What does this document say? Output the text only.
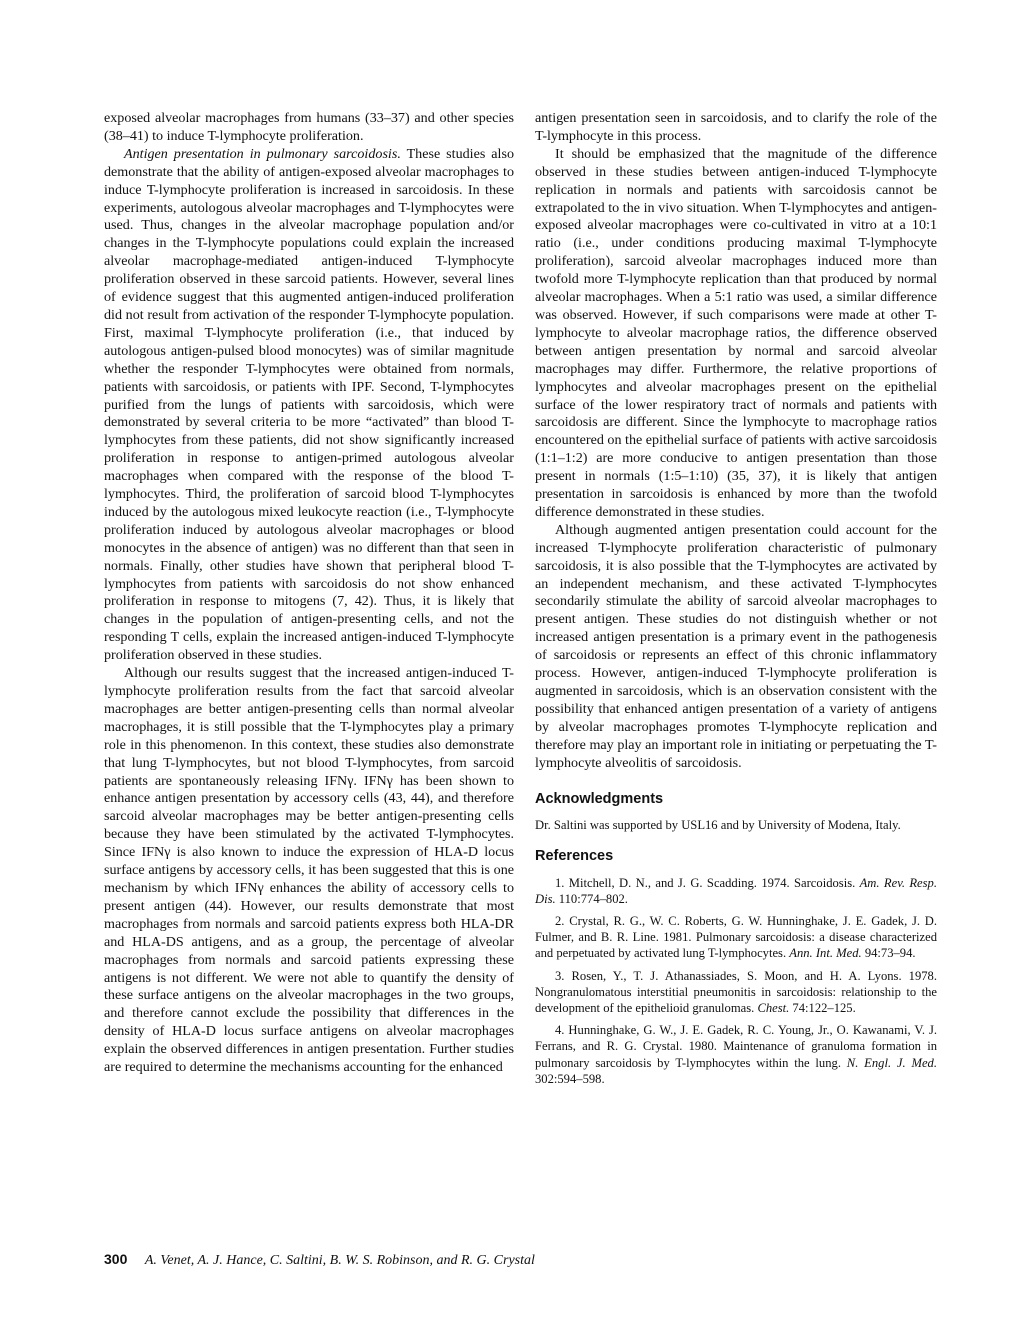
exposed alveolar macrophages from humans (33–37) and other species (38–41) to induce T-lymphocyte proliferation.

Antigen presentation in pulmonary sarcoidosis. These studies also demonstrate that the ability of antigen-exposed alveolar macrophages to induce T-lymphocyte proliferation is increased in sarcoidosis. In these experiments, autologous alveolar macrophages and T-lymphocytes were used. Thus, changes in the alveolar macrophage population and/or changes in the T-lymphocyte populations could explain the increased alveolar macrophage-mediated antigen-induced T-lymphocyte proliferation observed in these sarcoid patients. However, several lines of evidence suggest that this augmented antigen-induced proliferation did not result from activation of the responder T-lymphocyte population. First, maximal T-lymphocyte proliferation (i.e., that induced by autologous antigen-pulsed blood monocytes) was of similar magnitude whether the responder T-lymphocytes were obtained from normals, patients with sarcoidosis, or patients with IPF. Second, T-lymphocytes purified from the lungs of patients with sarcoidosis, which were demonstrated by several criteria to be more “activated” than blood T-lymphocytes from these patients, did not show significantly increased proliferation in response to antigen-primed autologous alveolar macrophages when compared with the response of the blood T-lymphocytes. Third, the proliferation of sarcoid blood T-lymphocytes induced by the autologous mixed leukocyte reaction (i.e., T-lymphocyte proliferation induced by autologous alveolar macrophages or blood monocytes in the absence of antigen) was no different than that seen in normals. Finally, other studies have shown that peripheral blood T-lymphocytes from patients with sarcoidosis do not show enhanced proliferation in response to mitogens (7, 42). Thus, it is likely that changes in the population of antigen-presenting cells, and not the responding T cells, explain the increased antigen-induced T-lymphocyte proliferation observed in these studies.

Although our results suggest that the increased antigen-induced T-lymphocyte proliferation results from the fact that sarcoid alveolar macrophages are better antigen-presenting cells than normal alveolar macrophages, it is still possible that the T-lymphocytes play a primary role in this phenomenon. In this context, these studies also demonstrate that lung T-lymphocytes, but not blood T-lymphocytes, from sarcoid patients are spontaneously releasing IFNγ. IFNγ has been shown to enhance antigen presentation by accessory cells (43, 44), and therefore sarcoid alveolar macrophages may be better antigen-presenting cells because they have been stimulated by the activated T-lymphocytes. Since IFNγ is also known to induce the expression of HLA-D locus surface antigens by accessory cells, it has been suggested that this is one mechanism by which IFNγ enhances the ability of accessory cells to present antigen (44). However, our results demonstrate that most macrophages from normals and sarcoid patients express both HLA-DR and HLA-DS antigens, and as a group, the percentage of alveolar macrophages from normals and sarcoid patients expressing these antigens is not different. We were not able to quantify the density of these surface antigens on the alveolar macrophages in the two groups, and therefore cannot exclude the possibility that differences in the density of HLA-D locus surface antigens on alveolar macrophages explain the observed differences in antigen presentation. Further studies are required to determine the mechanisms accounting for the enhanced

antigen presentation seen in sarcoidosis, and to clarify the role of the T-lymphocyte in this process.

It should be emphasized that the magnitude of the difference observed in these studies between antigen-induced T-lymphocyte replication in normals and patients with sarcoidosis cannot be extrapolated to the in vivo situation. When T-lymphocytes and antigen-exposed alveolar macrophages were co-cultivated in vitro at a 10:1 ratio (i.e., under conditions producing maximal T-lymphocyte proliferation), sarcoid alveolar macrophages induced more than twofold more T-lymphocyte replication than that produced by normal alveolar macrophages. When a 5:1 ratio was used, a similar difference was observed. However, if such comparisons were made at other T-lymphocyte to alveolar macrophage ratios, the difference observed between antigen presentation by normal and sarcoid alveolar macrophages may differ. Furthermore, the relative proportions of lymphocytes and alveolar macrophages present on the epithelial surface of the lower respiratory tract of normals and patients with sarcoidosis are different. Since the lymphocyte to macrophage ratios encountered on the epithelial surface of patients with active sarcoidosis (1:1–1:2) are more conducive to antigen presentation than those present in normals (1:5–1:10) (35, 37), it is likely that antigen presentation in sarcoidosis is enhanced by more than the twofold difference demonstrated in these studies.

Although augmented antigen presentation could account for the increased T-lymphocyte proliferation characteristic of pulmonary sarcoidosis, it is also possible that the T-lymphocytes are activated by an independent mechanism, and these activated T-lymphocytes secondarily stimulate the ability of sarcoid alveolar macrophages to present antigen. These studies do not distinguish whether or not increased antigen presentation is a primary event in the pathogenesis of sarcoidosis or represents an effect of this chronic inflammatory process. However, antigen-induced T-lymphocyte proliferation is augmented in sarcoidosis, which is an observation consistent with the possibility that enhanced antigen presentation of a variety of antigens by alveolar macrophages promotes T-lymphocyte replication and therefore may play an important role in initiating or perpetuating the T-lymphocyte alveolitis of sarcoidosis.

Acknowledgments

Dr. Saltini was supported by USL16 and by University of Modena, Italy.

References

1. Mitchell, D. N., and J. G. Scadding. 1974. Sarcoidosis. Am. Rev. Resp. Dis. 110:774–802.

2. Crystal, R. G., W. C. Roberts, G. W. Hunninghake, J. E. Gadek, J. D. Fulmer, and B. R. Line. 1981. Pulmonary sarcoidosis: a disease characterized and perpetuated by activated lung T-lymphocytes. Ann. Int. Med. 94:73–94.

3. Rosen, Y., T. J. Athanassiades, S. Moon, and H. A. Lyons. 1978. Nongranulomatous interstitial pneumonitis in sarcoidosis: relationship to the development of the epithelioid granulomas. Chest. 74:122–125.

4. Hunninghake, G. W., J. E. Gadek, R. C. Young, Jr., O. Kawanami, V. J. Ferrans, and R. G. Crystal. 1980. Maintenance of granuloma formation in pulmonary sarcoidosis by T-lymphocytes within the lung. N. Engl. J. Med. 302:594–598.

300 A. Venet, A. J. Hance, C. Saltini, B. W. S. Robinson, and R. G. Crystal
